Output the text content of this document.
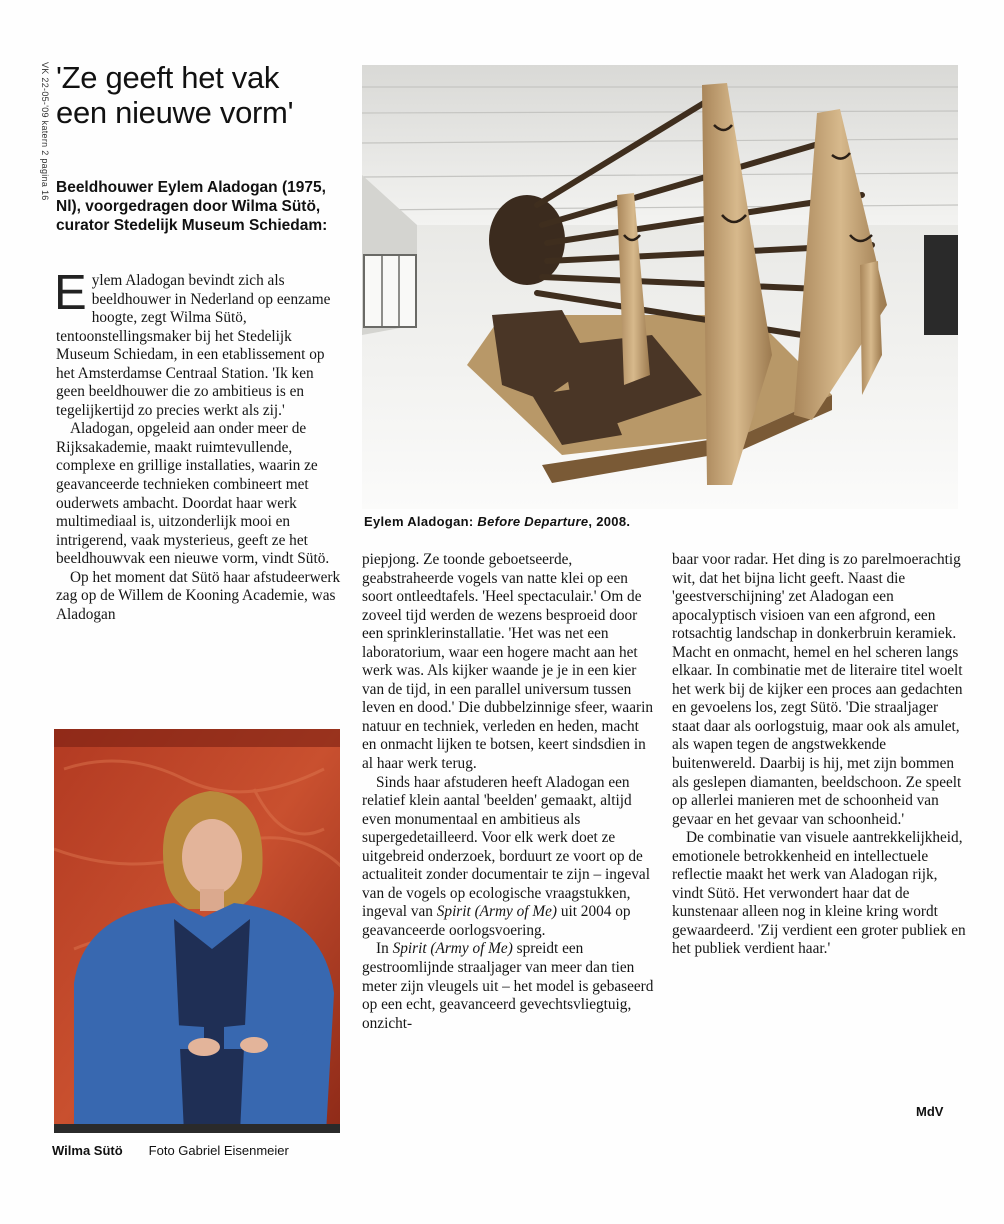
VK 22-05-'09 katern 2 pagina 16 'Ze geeft het vak
een nieuwe vorm'

Beeldhouwer Eylem Aladogan (1975, Nl), voorgedragen door Wilma Sütö, curator Stedelijk Museum Schiedam:

Eylem Aladogan bevindt zich als beeldhouwer in Nederland op eenzame hoogte, zegt Wilma Sütö, tentoonstellingsmaker bij het Stedelijk Museum Schiedam, in een etablissement op het Amsterdamse Centraal Station. 'Ik ken geen beeldhouwer die zo ambitieus is en tegelijkertijd zo precies werkt als zij.'

Aladogan, opgeleid aan onder meer de Rijksakademie, maakt ruimtevullende, complexe en grillige installaties, waarin ze geavanceerde technieken combineert met ouderwets ambacht. Doordat haar werk multimediaal is, uitzonderlijk mooi en intrigerend, vaak mysterieus, geeft ze het beeldhouwvak een nieuwe vorm, vindt Sütö.

Op het moment dat Sütö haar afstudeerwerk zag op de Willem de Kooning Academie, was Aladogan

piepjong. Ze toonde geboetseerde, geabstraheerde vogels van natte klei op een soort ontleedtafels. 'Heel spectaculair.' Om de zoveel tijd werden de wezens besproeid door een sprinklerinstallatie. 'Het was net een laboratorium, waar een hogere macht aan het werk was. Als kijker waande je je in een kier van de tijd, in een parallel universum tussen leven en dood.' Die dubbelzinnige sfeer, waarin natuur en techniek, verleden en heden, macht en onmacht lijken te botsen, keert sindsdien in al haar werk terug.

Sinds haar afstuderen heeft Aladogan een relatief klein aantal 'beelden' gemaakt, altijd even monumentaal en ambitieus als supergedetailleerd. Voor elk werk doet ze uitgebreid onderzoek, borduurt ze voort op de actualiteit zonder documentair te zijn – ingeval van de vogels op ecologische vraagstukken, ingeval van Spirit (Army of Me) uit 2004 op geavanceerde oorlogsvoering.

In Spirit (Army of Me) spreidt een gestroomlijnde straaljager van meer dan tien meter zijn vleugels uit – het model is gebaseerd op een echt, geavanceerd gevechtsvliegtuig, onzicht-

baar voor radar. Het ding is zo parelmoerachtig wit, dat het bijna licht geeft. Naast die 'geestverschijning' zet Aladogan een apocalyptisch visioen van een afgrond, een rotsachtig landschap in donkerbruin keramiek. Macht en onmacht, hemel en hel scheren langs elkaar. In combinatie met de literaire titel woelt het werk bij de kijker een proces aan gedachten en gevoelens los, zegt Sütö. 'Die straaljager staat daar als oorlogstuig, maar ook als amulet, als wapen tegen de angstwekkende buitenwereld. Daarbij is hij, met zijn bommen als geslepen diamanten, beeldschoon. Ze speelt op allerlei manieren met de schoonheid van gevaar en het gevaar van schoonheid.'

De combinatie van visuele aantrekkelijkheid, emotionele betrokkenheid en intellectuele reflectie maakt het werk van Aladogan rijk, vindt Sütö. Het verwondert haar dat de kunstenaar alleen nog in kleine kring wordt gewaardeerd. 'Zij verdient een groter publiek en het publiek verdient haar.'

Eylem Aladogan: Before Departure, 2008.
Wilma Sütö Foto Gabriel Eisenmeier
MdV
